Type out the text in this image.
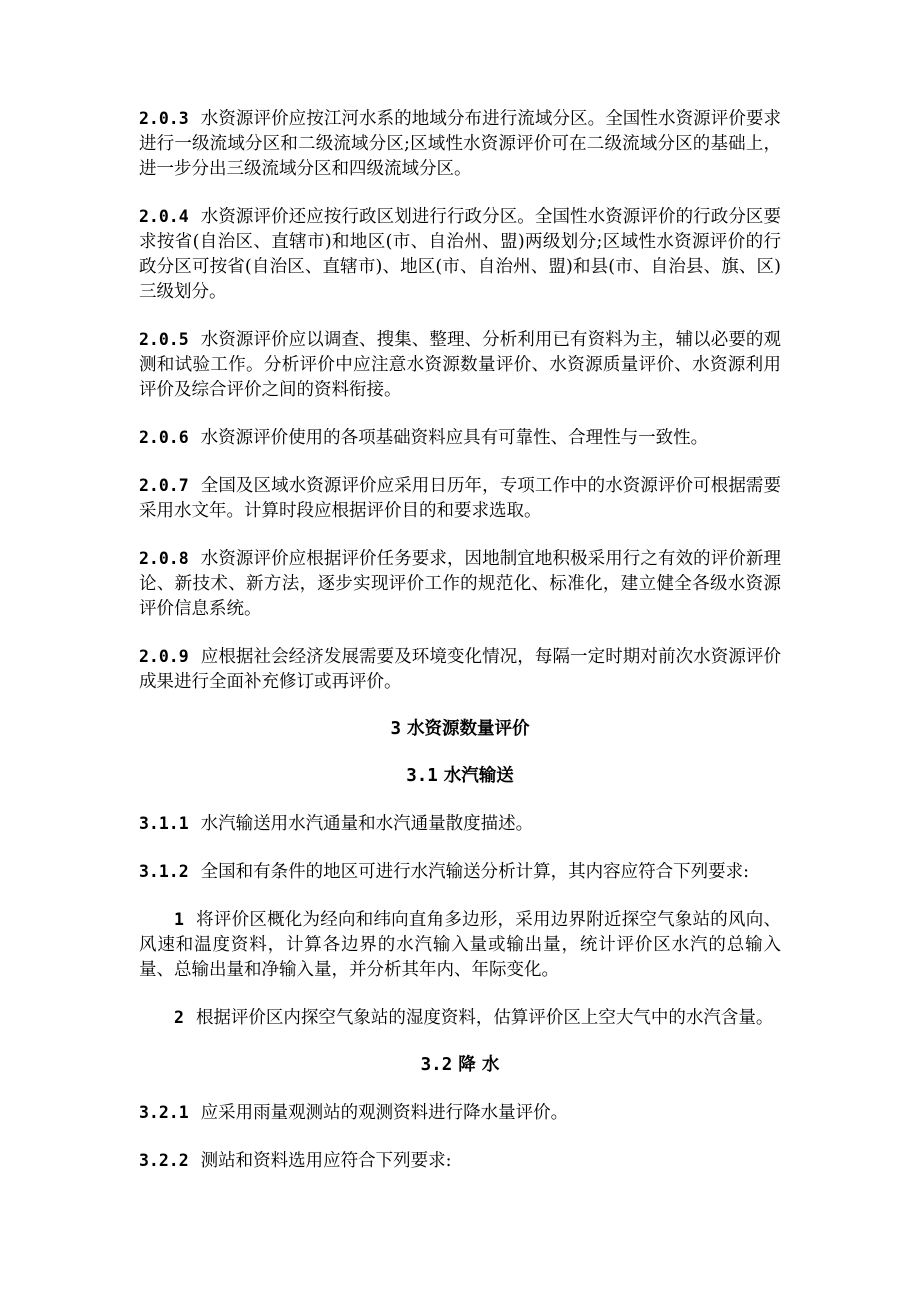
2.0.3 水资源评价应按江河水系的地域分布进行流域分区。全国性水资源评价要求进行一级流域分区和二级流域分区;区域性水资源评价可在二级流域分区的基础上，进一步分出三级流域分区和四级流域分区。

2.0.4 水资源评价还应按行政区划进行行政分区。全国性水资源评价的行政分区要求按省(自治区、直辖市)和地区(市、自治州、盟)两级划分;区域性水资源评价的行政分区可按省(自治区、直辖市)、地区(市、自治州、盟)和县(市、自治县、旗、区)三级划分。

2.0.5 水资源评价应以调查、搜集、整理、分析利用已有资料为主，辅以必要的观测和试验工作。分析评价中应注意水资源数量评价、水资源质量评价、水资源利用评价及综合评价之间的资料衔接。

2.0.6 水资源评价使用的各项基础资料应具有可靠性、合理性与一致性。

2.0.7 全国及区域水资源评价应采用日历年，专项工作中的水资源评价可根据需要采用水文年。计算时段应根据评价目的和要求选取。

2.0.8 水资源评价应根据评价任务要求，因地制宜地积极采用行之有效的评价新理论、新技术、新方法，逐步实现评价工作的规范化、标准化，建立健全各级水资源评价信息系统。

2.0.9 应根据社会经济发展需要及环境变化情况，每隔一定时期对前次水资源评价成果进行全面补充修订或再评价。

3 水资源数量评价
3.1 水汽输送

3.1.1 水汽输送用水汽通量和水汽通量散度描述。

3.1.2 全国和有条件的地区可进行水汽输送分析计算，其内容应符合下列要求:

1 将评价区概化为经向和纬向直角多边形，采用边界附近探空气象站的风向、风速和温度资料，计算各边界的水汽输入量或输出量，统计评价区水汽的总输入量、总输出量和净输入量，并分析其年内、年际变化。

2 根据评价区内探空气象站的湿度资料，估算评价区上空大气中的水汽含量。

3.2 降 水

3.2.1 应采用雨量观测站的观测资料进行降水量评价。

3.2.2 测站和资料选用应符合下列要求:
